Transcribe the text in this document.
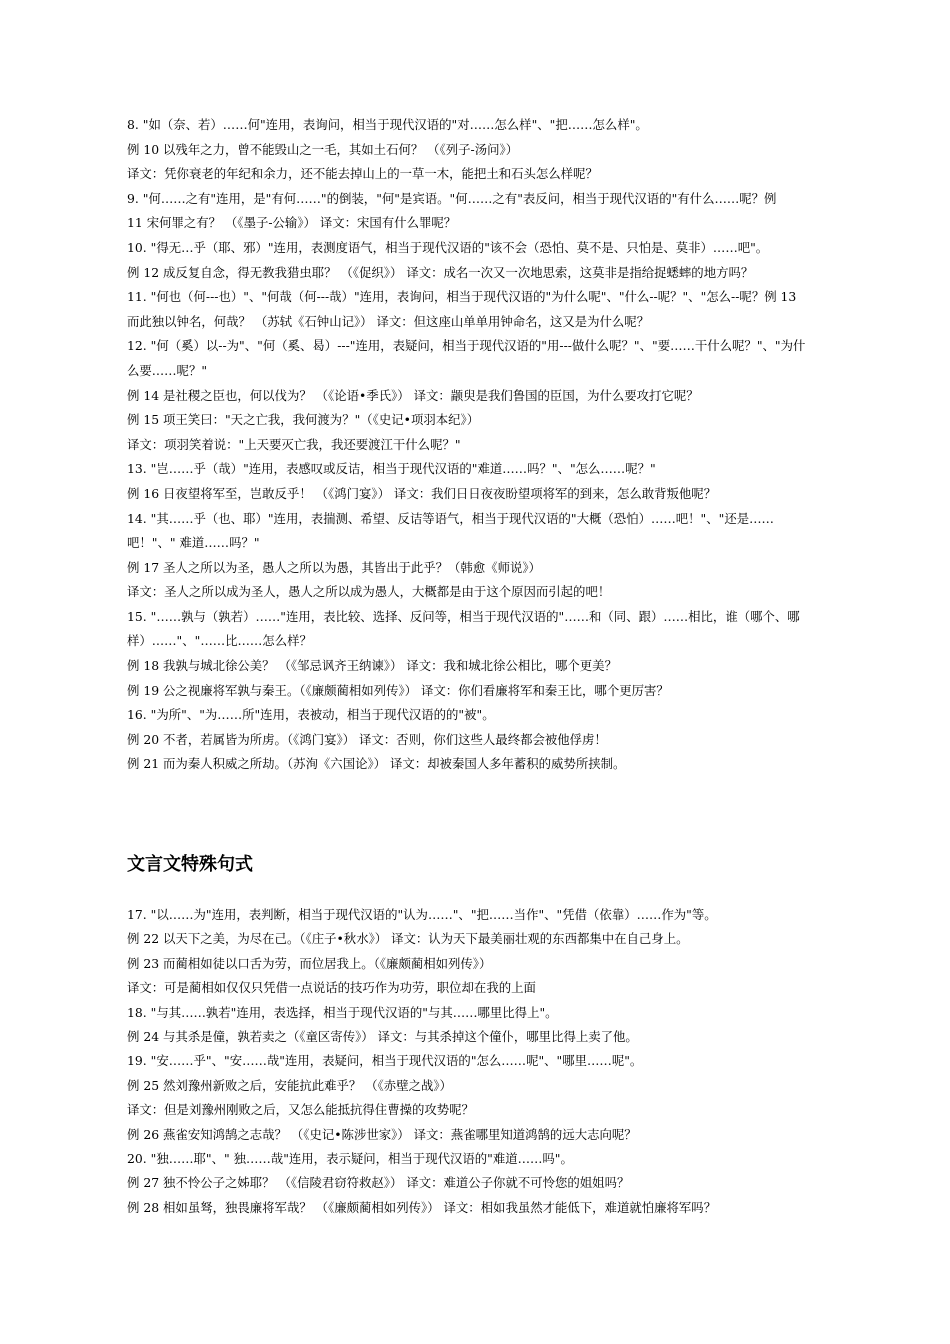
8. "如（奈、若）……何"连用，表询问，相当于现代汉语的"对……怎么样"、"把……怎么样"。
例 10 以残年之力，曾不能毁山之一毛，其如土石何？ （《列子-汤问》）
译文：凭你衰老的年纪和余力，还不能去掉山上的一草一木，能把土和石头怎么样呢？
9. "何……之有"连用，是"有何……"的倒装，"何"是宾语。"何……之有"表反问，相当于现代汉语的"有什么……呢？例
11 宋何罪之有？ （《墨子-公输》） 译文：宋国有什么罪呢？
10. "得无…乎（耶、邪）"连用，表测度语气，相当于现代汉语的"该不会（恐怕、莫不是、只怕是、莫非）……吧"。
例 12 成反复自念，得无教我猎虫耶？ （《促织》） 译文：成名一次又一次地思索，这莫非是指给捉蟋蟀的地方吗？
11. "何也（何---也）"、"何哉（何---哉）"连用，表询问，相当于现代汉语的"为什么呢"、"什么--呢？"、"怎么--呢？例 13
而此独以钟名，何哉？ （苏轼《石钟山记》） 译文：但这座山单单用钟命名，这又是为什么呢？
12. "何（奚）以--为"、"何（奚、曷）---"连用，表疑问，相当于现代汉语的"用---做什么呢？"、"要……干什么呢？"、"为什
么要……呢？"
例 14 是社稷之臣也，何以伐为？ （《论语•季氏》） 译文：颛臾是我们鲁国的臣国，为什么要攻打它呢？
例 15 项王笑曰："天之亡我，我何渡为？"（《史记•项羽本纪》）
译文：项羽笑着说："上天要灭亡我，我还要渡江干什么呢？"
13. "岂……乎（哉）"连用，表感叹或反诘，相当于现代汉语的"难道……吗？"、"怎么……呢？"
例 16 日夜望将军至，岂敢反乎！ （《鸿门宴》） 译文：我们日日夜夜盼望项将军的到来，怎么敢背叛他呢？
14. "其……乎（也、耶）"连用，表揣测、希望、反诘等语气，相当于现代汉语的"大概（恐怕）……吧！"、"还是……
吧！"、" 难道……吗？"
例 17 圣人之所以为圣，愚人之所以为愚，其皆出于此乎？（韩愈《师说》）
译文：圣人之所以成为圣人，愚人之所以成为愚人，大概都是由于这个原因而引起的吧！
15. "……孰与（孰若）……"连用，表比较、选择、反问等，相当于现代汉语的"……和（同、跟）……相比，谁（哪个、哪
样）……"、"……比……怎么样？
例 18 我孰与城北徐公美？ （《邹忌讽齐王纳谏》） 译文：我和城北徐公相比，哪个更美？
例 19 公之视廉将军孰与秦王。（《廉颇蔺相如列传》） 译文：你们看廉将军和秦王比，哪个更厉害？
16. "为所"、"为……所"连用，表被动，相当于现代汉语的的"被"。
例 20 不者，若属皆为所虏。（《鸿门宴》） 译文：否则，你们这些人最终都会被他俘虏！
例 21 而为秦人积威之所劫。（苏洵《六国论》） 译文：却被秦国人多年蓄积的威势所挟制。
文言文特殊句式
17. "以……为"连用，表判断，相当于现代汉语的"认为……"、"把……当作"、"凭借（依靠）……作为"等。
例 22 以天下之美，为尽在己。（《庄子•秋水》） 译文：认为天下最美丽壮观的东西都集中在自己身上。
例 23 而蔺相如徒以口舌为劳，而位居我上。（《廉颇蔺相如列传》）
译文：可是蔺相如仅仅只凭借一点说话的技巧作为功劳，职位却在我的上面
18. "与其……孰若"连用，表选择，相当于现代汉语的"与其……哪里比得上"。
例 24 与其杀是僮，孰若卖之（《童区寄传》） 译文：与其杀掉这个僮仆，哪里比得上卖了他。
19. "安……乎"、"安……哉"连用，表疑问，相当于现代汉语的"怎么……呢"、"哪里……呢"。
例 25 然刘豫州新败之后，安能抗此难乎？ （《赤壁之战》）
译文：但是刘豫州刚败之后，又怎么能抵抗得住曹操的攻势呢？
例 26 燕雀安知鸿鹄之志哉？ （《史记•陈涉世家》） 译文：燕雀哪里知道鸿鹄的远大志向呢？
20. "独……耶"、" 独……哉"连用，表示疑问，相当于现代汉语的"难道……吗"。
例 27 独不怜公子之姊耶？ （《信陵君窃符救赵》） 译文：难道公子你就不可怜您的姐姐吗？
例 28 相如虽驽，独畏廉将军哉？ （《廉颇蔺相如列传》） 译文：相如我虽然才能低下，难道就怕廉将军吗？
